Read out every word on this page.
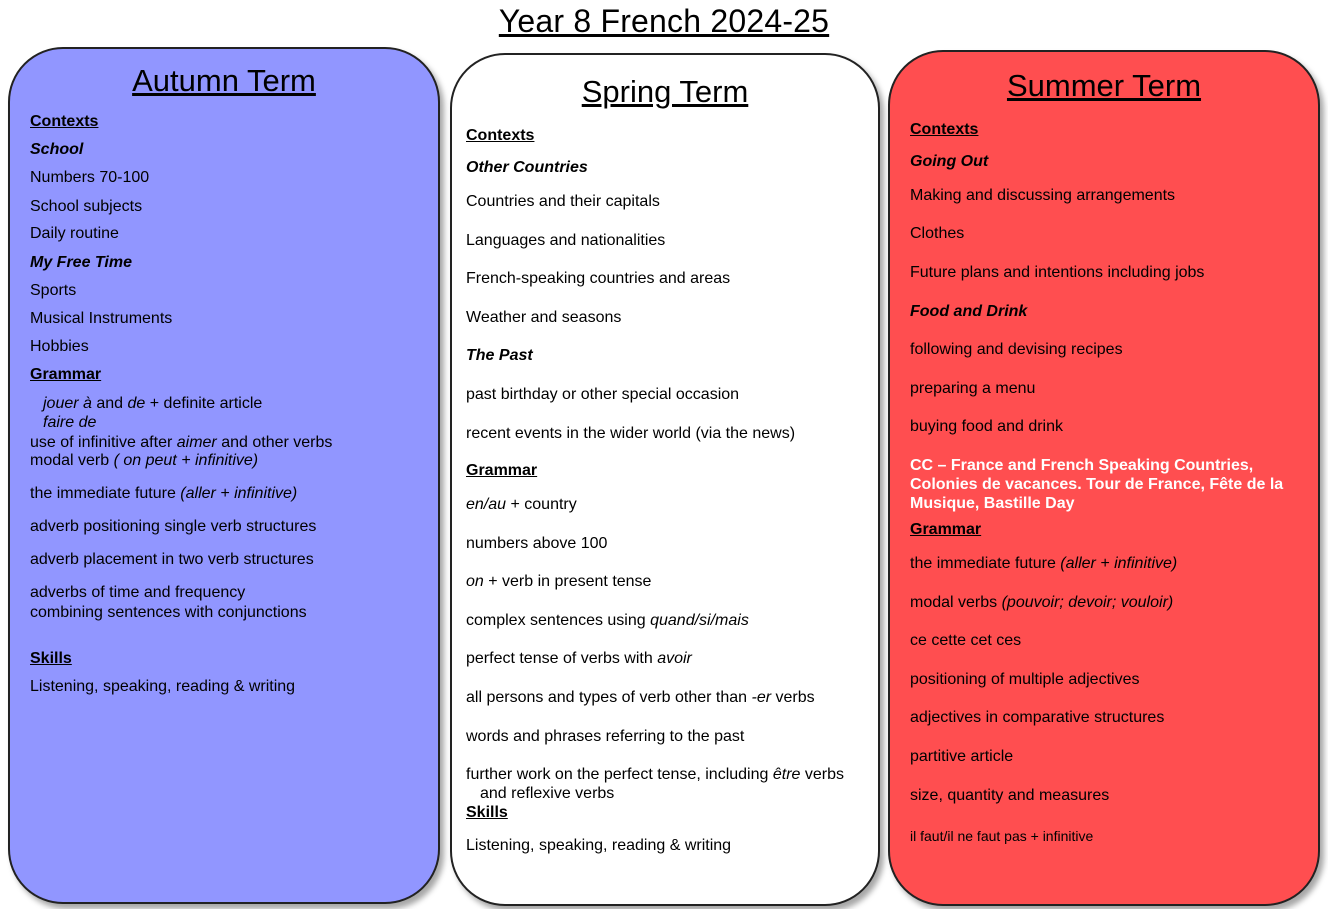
Year 8 French 2024-25
Autumn Term
Contexts
School
Numbers 70-100
School subjects
Daily routine
My Free Time
Sports
Musical Instruments
Hobbies
Grammar
jouer à and de + definite article
faire de
use of infinitive after aimer and other verbs
modal verb ( on peut + infinitive)
the immediate future (aller + infinitive)
adverb positioning single verb structures
adverb placement in two verb structures
adverbs of time and frequency
combining sentences with conjunctions
Skills
Listening, speaking, reading & writing
Spring Term
Contexts
Other Countries
Countries and their capitals
Languages and nationalities
French-speaking countries and areas
Weather and seasons
The Past
past birthday or other special occasion
recent events in the wider world (via the news)
Grammar
en/au + country
numbers above 100
on + verb in present tense
complex sentences using quand/si/mais
perfect tense of verbs with avoir
all persons and types of verb other than -er verbs
words and phrases referring to the past
further work on the perfect tense, including être verbs
and reflexive verbs
Skills
Listening, speaking, reading & writing
Summer Term
Contexts
Going Out
Making and discussing arrangements
Clothes
Future plans and intentions including jobs
Food and Drink
following and devising recipes
preparing a menu
buying food and drink
CC – France and French Speaking Countries, Colonies de vacances. Tour de France, Fête de la Musique, Bastille Day
Grammar
the immediate future (aller + infinitive)
modal verbs (pouvoir; devoir; vouloir)
ce cette cet ces
positioning of multiple adjectives
adjectives in comparative structures
partitive article
size, quantity and measures
il faut/il ne faut pas + infinitive
